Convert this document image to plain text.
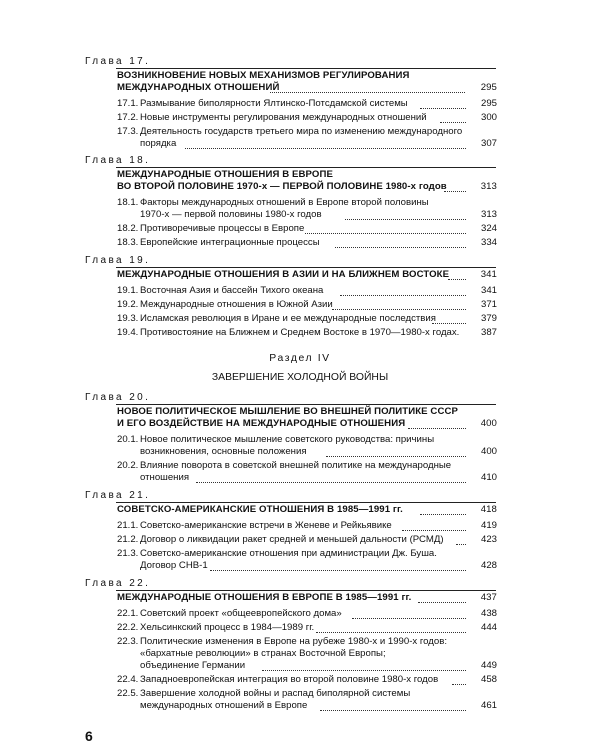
Глава 17.
ВОЗНИКНОВЕНИЕ НОВЫХ МЕХАНИЗМОВ РЕГУЛИРОВАНИЯ
МЕЖДУНАРОДНЫХ ОТНОШЕНИЙ	295
17.1. Размывание биполярности Ялтинско-Потсдамской системы	295
17.2. Новые инструменты регулирования международных отношений	300
17.3. Деятельность государств третьего мира по изменению международного
порядка	307
Глава 18.
МЕЖДУНАРОДНЫЕ ОТНОШЕНИЯ В ЕВРОПЕ
ВО ВТОРОЙ ПОЛОВИНЕ 1970-х — ПЕРВОЙ ПОЛОВИНЕ 1980-х годов	313
18.1. Факторы международных отношений в Европе второй половины
1970-х — первой половины 1980-х годов	313
18.2. Противоречивые процессы в Европе	324
18.3. Европейские интеграционные процессы	334
Глава 19.
МЕЖДУНАРОДНЫЕ ОТНОШЕНИЯ В АЗИИ И НА БЛИЖНЕМ ВОСТОКЕ	341
19.1. Восточная Азия и бассейн Тихого океана	341
19.2. Международные отношения в Южной Азии	371
19.3. Исламская революция в Иране и ее международные последствия	379
19.4. Противостояние на Ближнем и Среднем Востоке в 1970—1980-х годах.	387
Раздел IV
ЗАВЕРШЕНИЕ ХОЛОДНОЙ ВОЙНЫ
Глава 20.
НОВОЕ ПОЛИТИЧЕСКОЕ МЫШЛЕНИЕ ВО ВНЕШНЕЙ ПОЛИТИКЕ СССР
И ЕГО ВОЗДЕЙСТВИЕ НА МЕЖДУНАРОДНЫЕ ОТНОШЕНИЯ	400
20.1. Новое политическое мышление советского руководства: причины
возникновения, основные положения	400
20.2. Влияние поворота в советской внешней политике на международные
отношения	410
Глава 21.
СОВЕТСКО-АМЕРИКАНСКИЕ ОТНОШЕНИЯ В 1985—1991 гг.	418
21.1. Советско-американские встречи в Женеве и Рейкьявике	419
21.2. Договор о ликвидации ракет средней и меньшей дальности (РСМД)	423
21.3. Советско-американские отношения при администрации Дж. Буша.
Договор СНВ-1	428
Глава 22.
МЕЖДУНАРОДНЫЕ ОТНОШЕНИЯ В ЕВРОПЕ В 1985—1991 гг.	437
22.1. Советский проект «общеевропейского дома»	438
22.2. Хельсинкский процесс в 1984—1989 гг.	444
22.3. Политические изменения в Европе на рубеже 1980-х и 1990-х годов:
«бархатные революции» в странах Восточной Европы;
объединение Германии	449
22.4. Западноевропейская интеграция во второй половине 1980-х годов	458
22.5. Завершение холодной войны и распад биполярной системы
международных отношений в Европе	461
6
